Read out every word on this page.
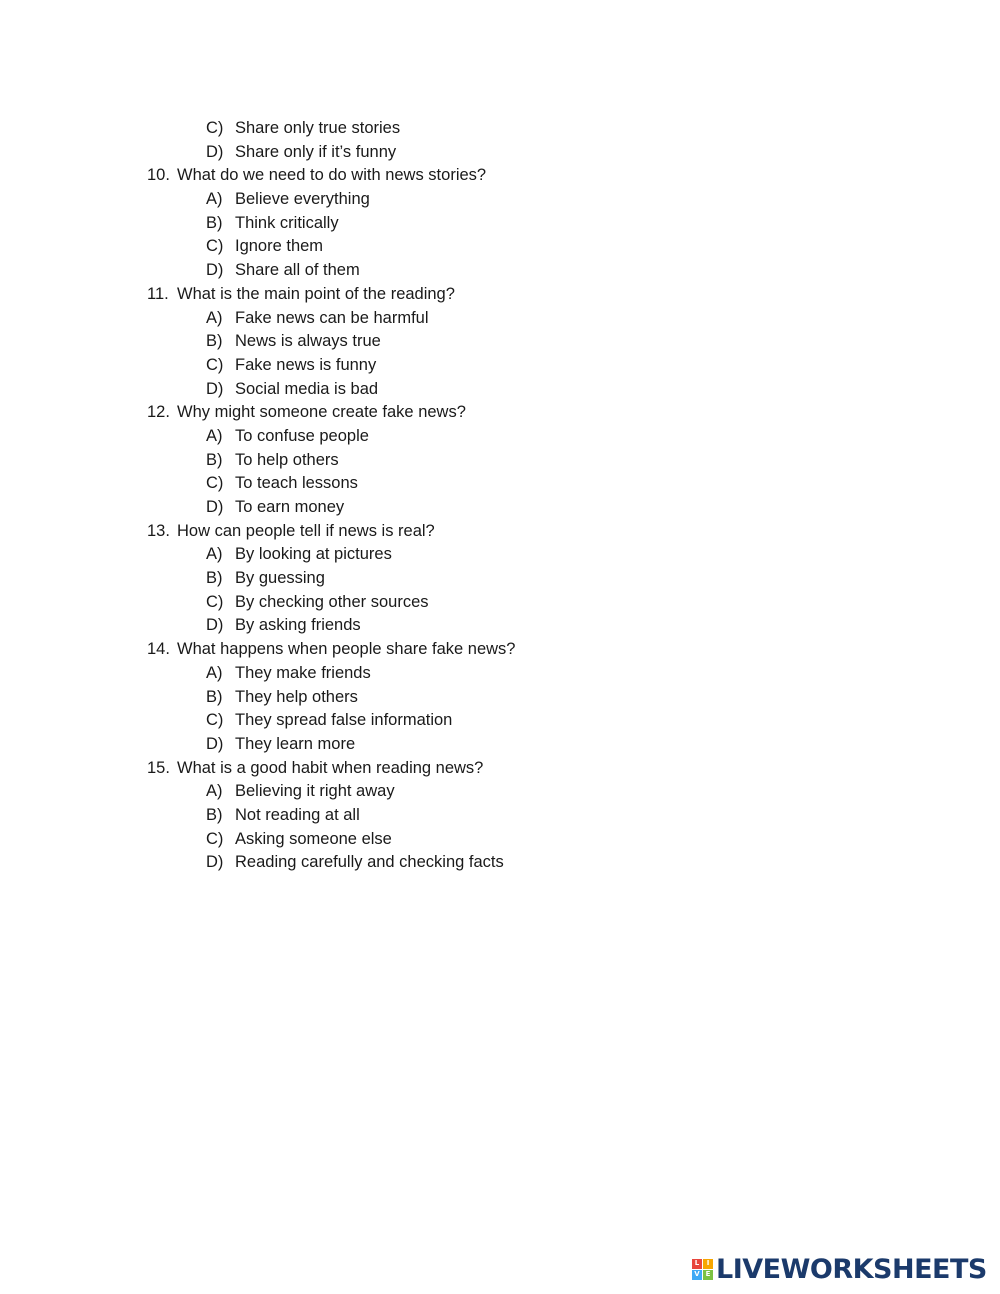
C) Share only true stories
D) Share only if it’s funny
10. What do we need to do with news stories?
A) Believe everything
B) Think critically
C) Ignore them
D) Share all of them
11. What is the main point of the reading?
A) Fake news can be harmful
B) News is always true
C) Fake news is funny
D) Social media is bad
12. Why might someone create fake news?
A) To confuse people
B) To help others
C) To teach lessons
D) To earn money
13. How can people tell if news is real?
A) By looking at pictures
B) By guessing
C) By checking other sources
D) By asking friends
14. What happens when people share fake news?
A) They make friends
B) They help others
C) They spread false information
D) They learn more
15. What is a good habit when reading news?
A) Believing it right away
B) Not reading at all
C) Asking someone else
D) Reading carefully and checking facts
L	I
V E LIVEWORKSHEETS
